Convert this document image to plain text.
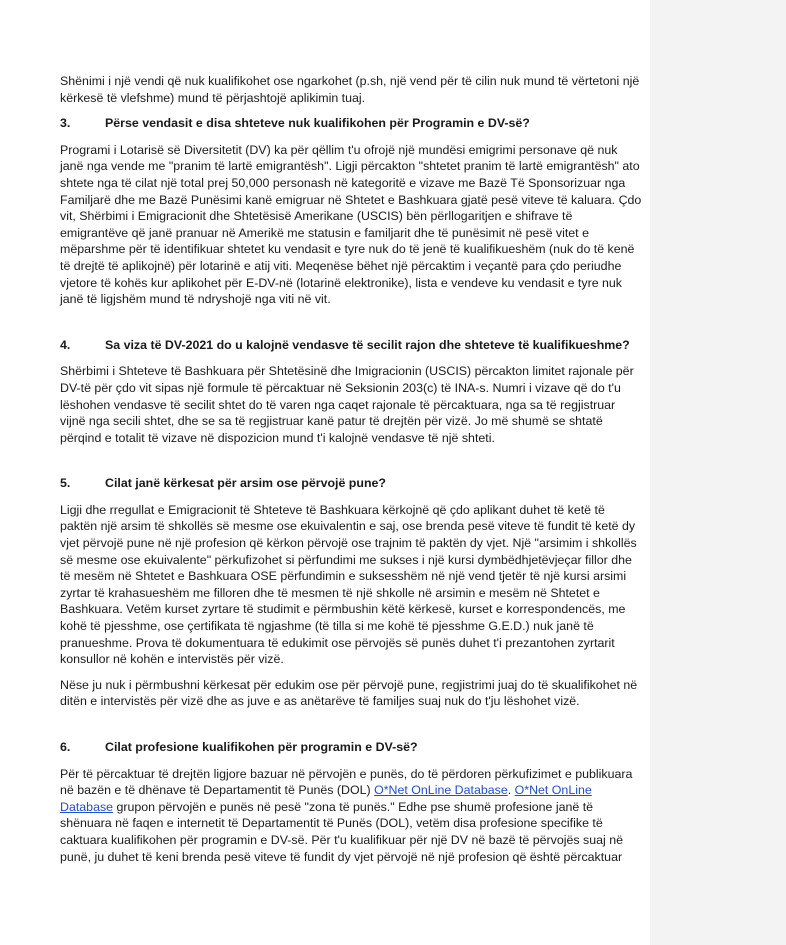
Shënimi i një vendi që nuk kualifikohet ose ngarkohet (p.sh, një vend për të cilin nuk mund të vërtetoni një kërkesë të vlefshme) mund të përjashtojë aplikimin tuaj.

3.	Përse vendasit e disa shteteve nuk kualifikohen për Programin e DV-së?

Programi i Lotarisë së Diversitetit (DV) ka për qëllim t'u ofrojë një mundësi emigrimi personave që nuk janë nga vende me "pranim të lartë emigrantësh". Ligji përcakton "shtetet pranim të lartë emigrantësh" ato shtete nga të cilat një total prej 50,000 personash në kategoritë e vizave me Bazë Të Sponsorizuar nga Familjarë dhe me Bazë Punësimi kanë emigruar në Shtetet e Bashkuara gjatë pesë viteve të kaluara. Çdo vit, Shërbimi i Emigracionit dhe Shtetësisë Amerikane (USCIS) bën përllogaritjen e shifrave të emigrantëve që janë pranuar në Amerikë me statusin e familjarit dhe të punësimit në pesë vitet e mëparshme për të identifikuar shtetet ku vendasit e tyre nuk do të jenë të kualifikueshëm (nuk do të kenë të drejtë të aplikojnë) për lotarinë e atij viti. Meqenëse bëhet një përcaktim i veçantë para çdo periudhe vjetore të kohës kur aplikohet për E-DV-në (lotarinë elektronike), lista e vendeve ku vendasit e tyre nuk janë të ligjshëm mund të ndryshojë nga viti në vit.

4.	Sa viza të DV-2021 do u kalojnë vendasve të secilit rajon dhe shteteve të kualifikueshme?

Shërbimi i Shteteve të Bashkuara për Shtetësinë dhe Imigracionin (USCIS) përcakton limitet rajonale për DV-të për çdo vit sipas një formule të përcaktuar në Seksionin 203(c) të INA-s. Numri i vizave që do t'u lëshohen vendasve të secilit shtet do të varen nga caqet rajonale të përcaktuara, nga sa të regjistruar vijnë nga secili shtet, dhe se sa të regjistruar kanë patur të drejtën për vizë. Jo më shumë se shtatë përqind e totalit të vizave në dispozicion mund t'i kalojnë vendasve të një shteti.

5.	Cilat janë kërkesat për arsim ose përvojë pune?

Ligji dhe rregullat e Emigracionit të Shteteve të Bashkuara kërkojnë që çdo aplikant duhet të ketë të paktën një arsim të shkollës së mesme ose ekuivalentin e saj, ose brenda pesë viteve të fundit të ketë dy vjet përvojë pune në një profesion që kërkon përvojë ose trajnim të paktën dy vjet. Një "arsimim i shkollës së mesme ose ekuivalente" përkufizohet si përfundimi me sukses i një kursi dymbëdhjetëvjeçar fillor dhe të mesëm në Shtetet e Bashkuara OSE përfundimin e suksesshëm në një vend tjetër të një kursi arsimi zyrtar të krahasueshëm me filloren dhe të mesmen të një shkolle në arsimin e mesëm në Shtetet e Bashkuara. Vetëm kurset zyrtare të studimit e përmbushin këtë kërkesë, kurset e korrespondencës, me kohë të pjesshme, ose çertifikata të ngjashme (të tilla si me kohë të pjesshme G.E.D.) nuk janë të pranueshme. Prova të dokumentuara të edukimit ose përvojës së punës duhet t'i prezantohen zyrtarit konsullor në kohën e intervistës për vizë.

Nëse ju nuk i përmbushni kërkesat për edukim ose për përvojë pune, regjistrimi juaj do të skualifikohet në ditën e intervistës për vizë dhe as juve e as anëtarëve të familjes suaj nuk do t'ju lëshohet vizë.

6.	Cilat profesione kualifikohen për programin e DV-së?

Për të përcaktuar të drejtën ligjore bazuar në përvojën e punës, do të përdoren përkufizimet e publikuara në bazën e të dhënave të Departamentit të Punës (DOL) O*Net OnLine Database. O*Net OnLine Database grupon përvojën e punës në pesë "zona të punës." Edhe pse shumë profesione janë të shënuara në faqen e internetit të Departamentit të Punës (DOL), vetëm disa profesione specifike të caktuara kualifikohen për programin e DV-së. Për t'u kualifikuar për një DV në bazë të përvojës suaj në punë, ju duhet të keni brenda pesë viteve të fundit dy vjet përvojë në një profesion që është përcaktuar
